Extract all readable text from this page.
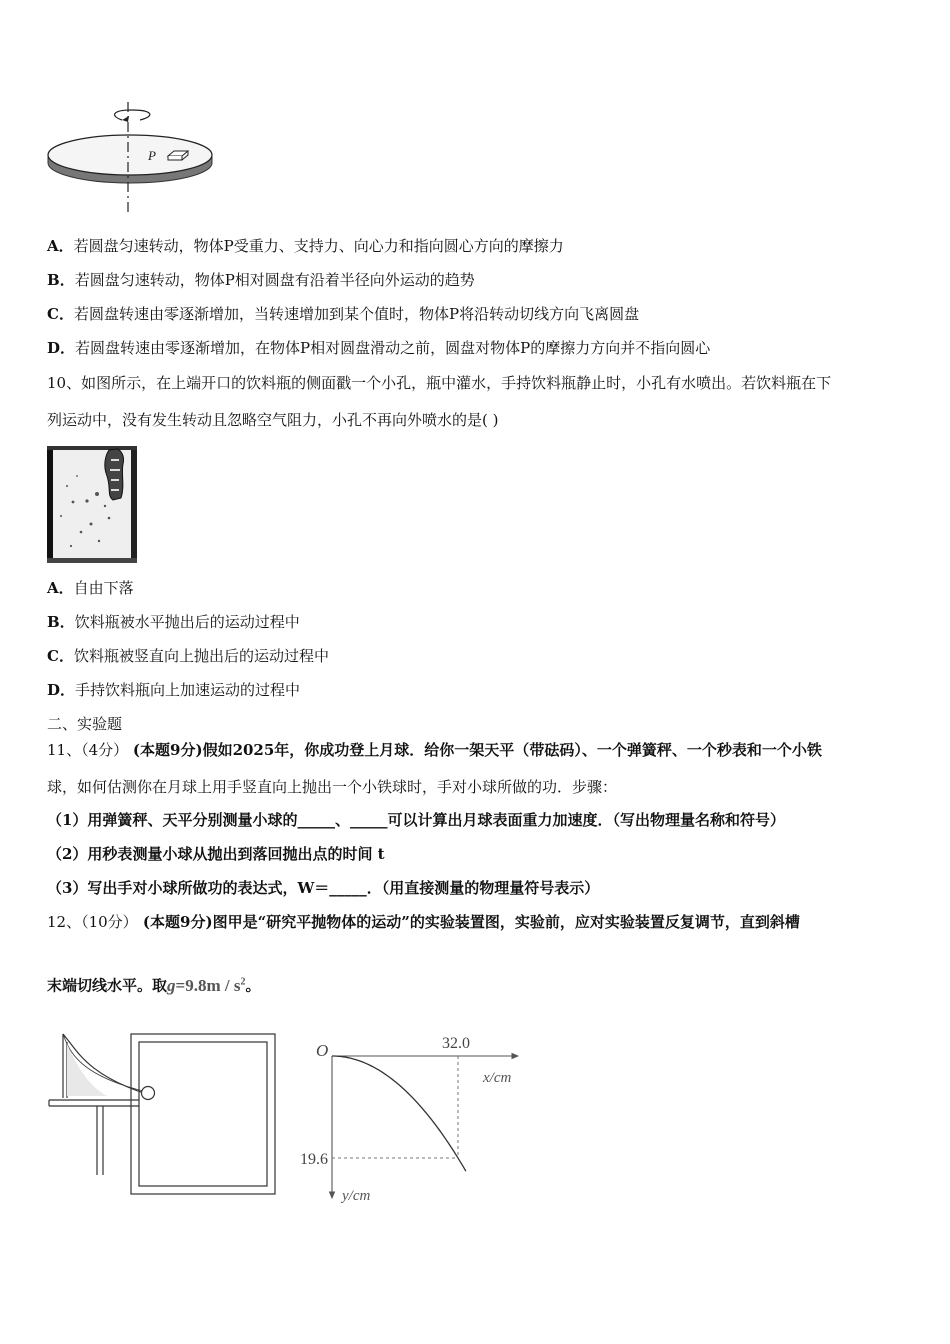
P
A．若圆盘匀速转动，物体P受重力、支持力、向心力和指向圆心方向的摩擦力
B．若圆盘匀速转动，物体P相对圆盘有沿着半径向外运动的趋势
C．若圆盘转速由零逐渐增加，当转速增加到某个值时，物体P将沿转动切线方向飞离圆盘
D．若圆盘转速由零逐渐增加，在物体P相对圆盘滑动之前，圆盘对物体P的摩擦力方向并不指向圆心
10、如图所示，在上端开口的饮料瓶的侧面戳一个小孔，瓶中灌水，手持饮料瓶静止时，小孔有水喷出。若饮料瓶在下
列运动中，没有发生转动且忽略空气阻力，小孔不再向外喷水的是( )
A．自由下落
B．饮料瓶被水平抛出后的运动过程中
C．饮料瓶被竖直向上抛出后的运动过程中
D．手持饮料瓶向上加速运动的过程中
二、实验题
11、（4分） (本题9分)假如2025年，你成功登上月球．给你一架天平（带砝码）、一个弹簧秤、一个秒表和一个小铁
球，如何估测你在月球上用手竖直向上抛出一个小铁球时，手对小球所做的功．步骤：
（1）用弹簧秤、天平分别测量小球的_____、_____可以计算出月球表面重力加速度．（写出物理量名称和符号）
（2）用秒表测量小球从抛出到落回抛出点的时间 t
（3）写出手对小球所做功的表达式，W＝_____．（用直接测量的物理量符号表示）
12、（10分） (本题9分)图甲是“研究平抛物体的运动”的实验装置图，实验前，应对实验装置反复调节，直到斜槽
末端切线水平。取$g=9.8m / s^2$。
O
x/cm
y/cm
32.0
19.6
